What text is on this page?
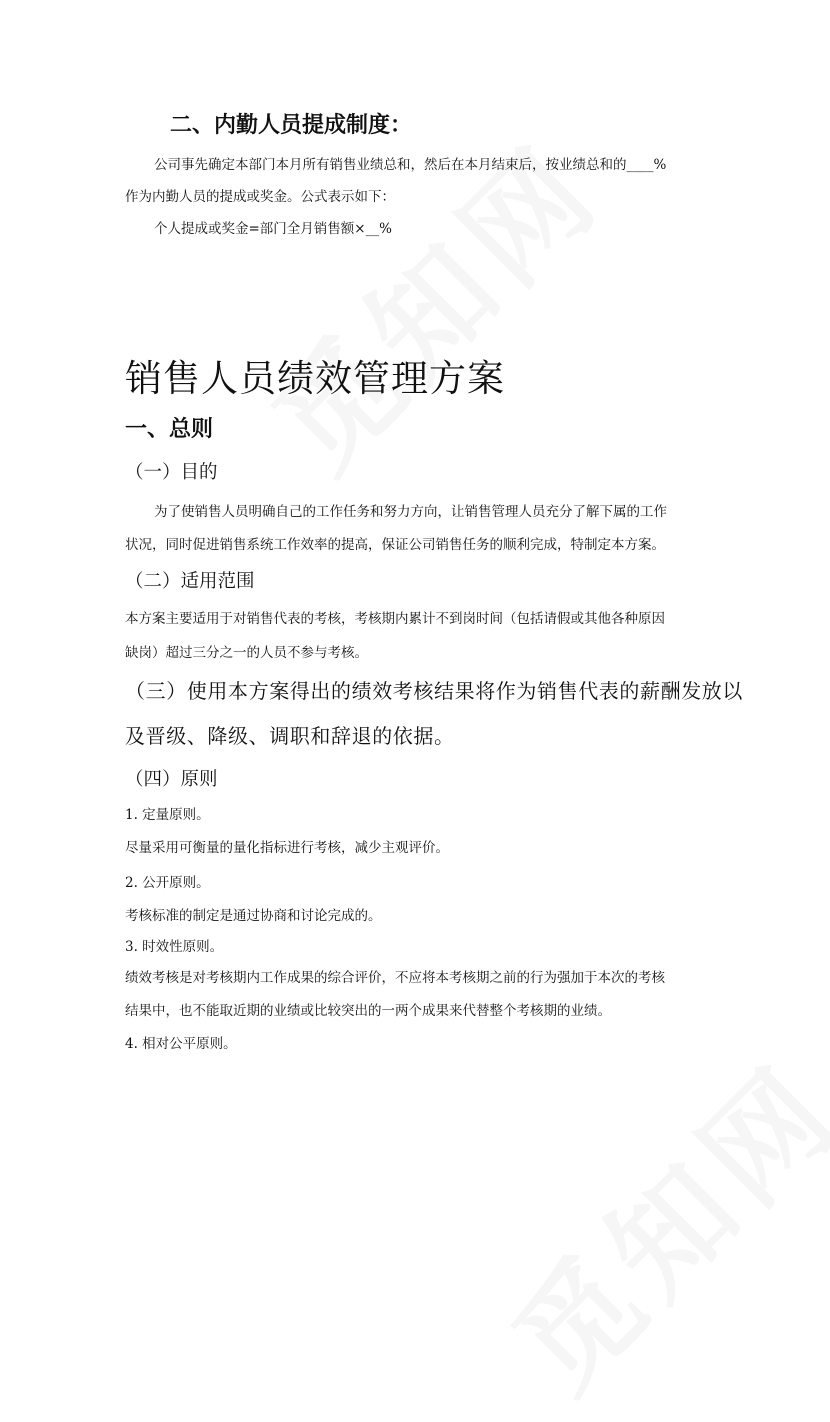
二、内勤人员提成制度：
公司事先确定本部门本月所有销售业绩总和，然后在本月结束后，按业绩总和的____%
作为内勤人员的提成或奖金。公式表示如下：
个人提成或奖金=部门全月销售额×__%
销售人员绩效管理方案
一、总则
（一）目的
为了使销售人员明确自己的工作任务和努力方向，让销售管理人员充分了解下属的工作
状况，同时促进销售系统工作效率的提高，保证公司销售任务的顺利完成，特制定本方案。
（二）适用范围
本方案主要适用于对销售代表的考核，考核期内累计不到岗时间（包括请假或其他各种原因
缺岗）超过三分之一的人员不参与考核。
（三）使用本方案得出的绩效考核结果将作为销售代表的薪酬发放以
及晋级、降级、调职和辞退的依据。
（四）原则
1. 定量原则。
尽量采用可衡量的量化指标进行考核，减少主观评价。
2. 公开原则。
考核标准的制定是通过协商和讨论完成的。
3. 时效性原则。
绩效考核是对考核期内工作成果的综合评价，不应将本考核期之前的行为强加于本次的考核
结果中，也不能取近期的业绩或比较突出的一两个成果来代替整个考核期的业绩。
4. 相对公平原则。
